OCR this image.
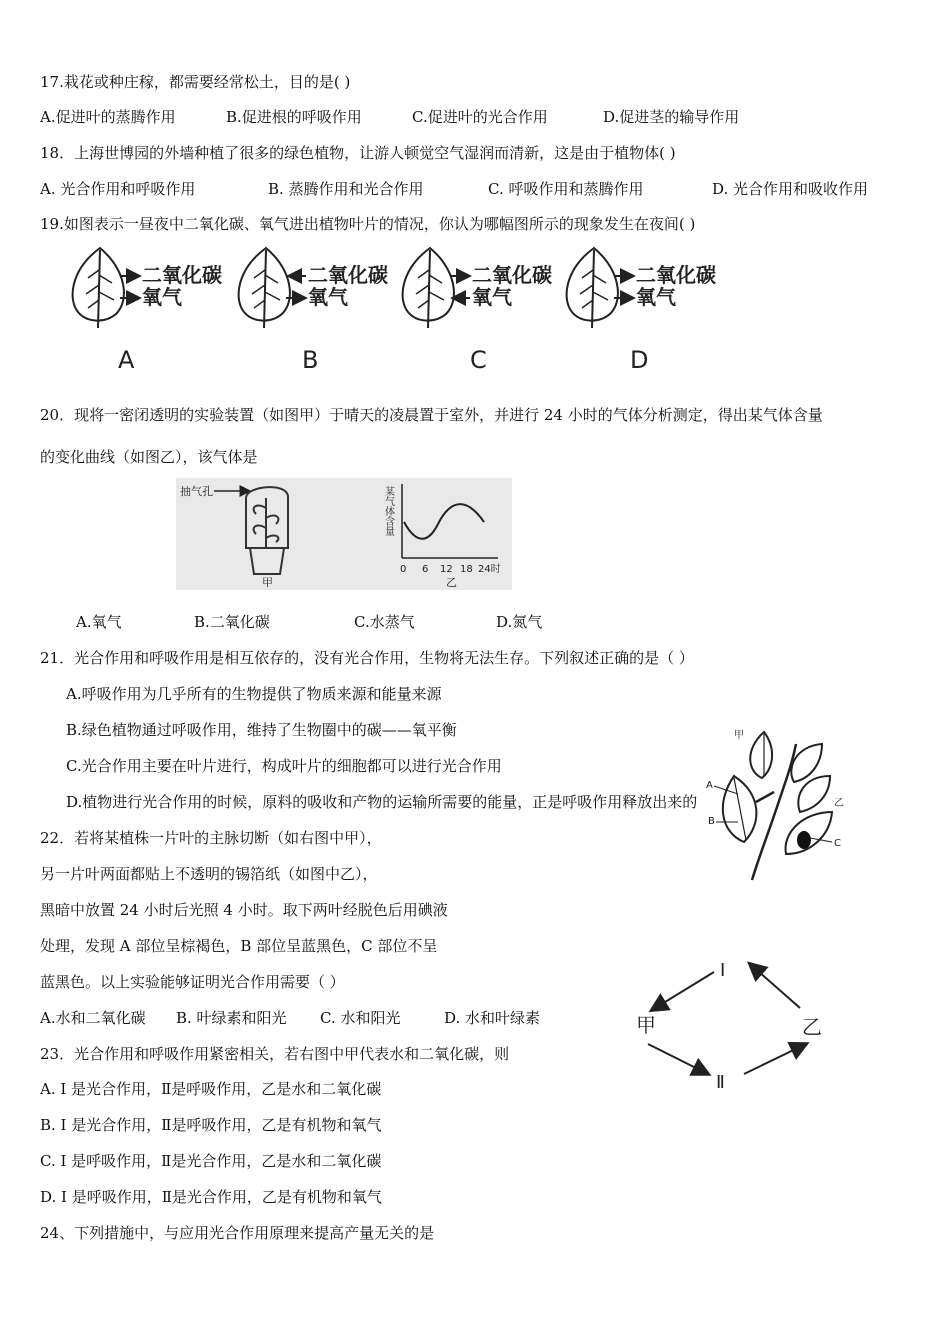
17.栽花或种庄稼，都需要经常松土，目的是( )
A.促进叶的蒸腾作用	B.促进根的呼吸作用	C.促进叶的光合作用	D.促进茎的输导作用
18．上海世博园的外墙种植了很多的绿色植物，让游人顿觉空气湿润而清新，这是由于植物体( )
A. 光合作用和呼吸作用	B. 蒸腾作用和光合作用	C. 呼吸作用和蒸腾作用	D. 光合作用和吸收作用
19.如图表示一昼夜中二氧化碳、氧气进出植物叶片的情况，你认为哪幅图所示的现象发生在夜间( )
二氧化碳
氧气
A
二氧化碳
氧气
B
二氧化碳
氧气
C
二氧化碳
氧气
D
20．现将一密闭透明的实验装置（如图甲）于晴天的凌晨置于室外，并进行 24 小时的气体分析测定，得出某气体含量
的变化曲线（如图乙），该气体是
抽气孔
甲
某气体含量
0 6 12 18 24时
乙
A.氧气	B.二氧化碳	C.水蒸气	D.氮气
21．光合作用和呼吸作用是相互依存的，没有光合作用，生物将无法生存。下列叙述正确的是（ ）
A.呼吸作用为几乎所有的生物提供了物质来源和能量来源
B.绿色植物通过呼吸作用，维持了生物圈中的碳——氧平衡
C.光合作用主要在叶片进行，构成叶片的细胞都可以进行光合作用
D.植物进行光合作用的时候，原料的吸收和产物的运输所需要的能量，正是呼吸作用释放出来的
22．若将某植株一片叶的主脉切断（如右图中甲），
另一片叶两面都贴上不透明的锡箔纸（如图中乙），
黑暗中放置 24 小时后光照 4 小时。取下两叶经脱色后用碘液
处理，发现 A 部位呈棕褐色，B 部位呈蓝黑色，C 部位不呈
蓝黑色。以上实验能够证明光合作用需要（ ）
A.水和二氧化碳 B. 叶绿素和阳光 C. 水和阳光	D. 水和叶绿素
甲
A
B
乙
C
23．光合作用和呼吸作用紧密相关，若右图中甲代表水和二氧化碳，则
A. Ⅰ 是光合作用，Ⅱ是呼吸作用，乙是水和二氧化碳
B. Ⅰ 是光合作用，Ⅱ是呼吸作用，乙是有机物和氧气
C. Ⅰ 是呼吸作用，Ⅱ是光合作用，乙是水和二氧化碳
D. Ⅰ 是呼吸作用，Ⅱ是光合作用，乙是有机物和氧气
Ⅰ
甲	乙
Ⅱ
24、下列措施中，与应用光合作用原理来提高产量无关的是
